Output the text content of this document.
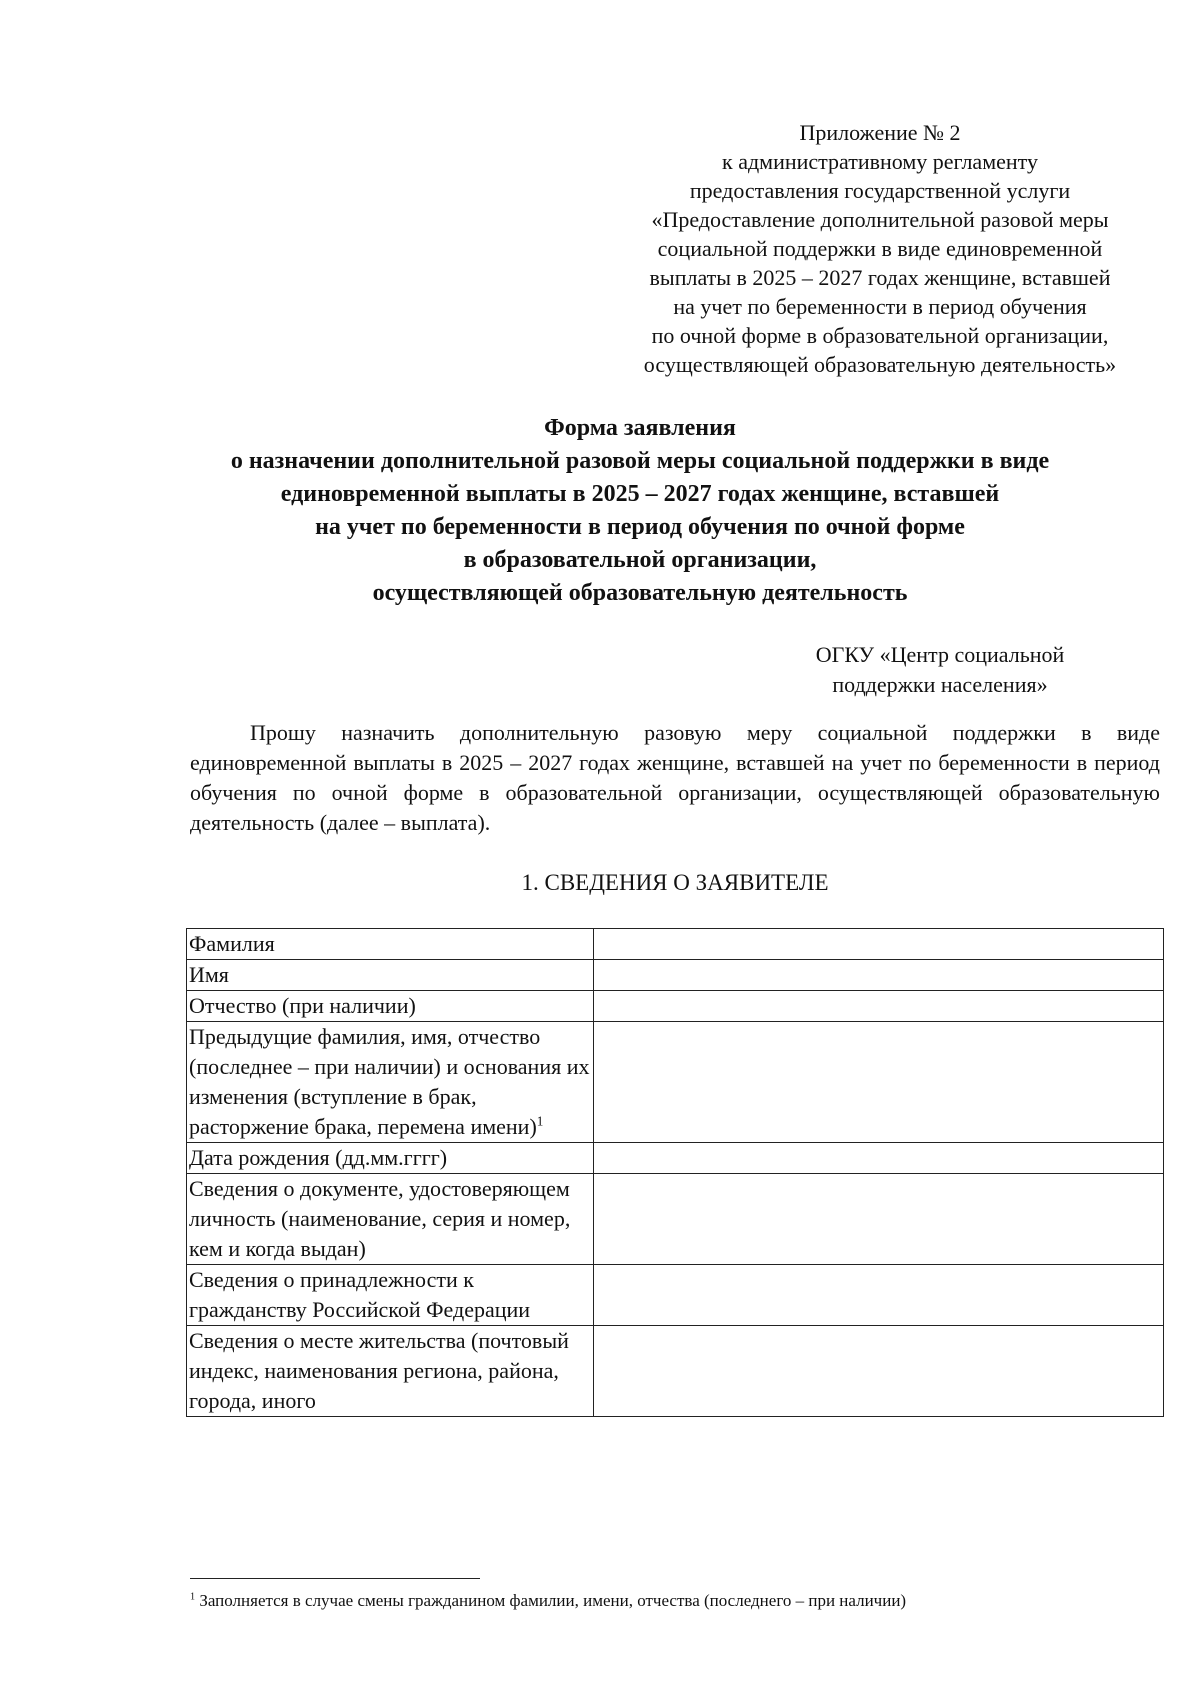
Приложение № 2
к административному регламенту
предоставления государственной услуги
«Предоставление дополнительной разовой меры
социальной поддержки в виде единовременной
выплаты в 2025 – 2027 годах женщине, вставшей
на учет по беременности в период обучения
по очной форме в образовательной организации,
осуществляющей образовательную деятельность»
Форма заявления
о назначении дополнительной разовой меры социальной поддержки в виде
единовременной выплаты в 2025 – 2027 годах женщине, вставшей
на учет по беременности в период обучения по очной форме
в образовательной организации,
осуществляющей образовательную деятельность
ОГКУ «Центр социальной
поддержки населения»

Прошу назначить дополнительную разовую меру социальной поддержки в виде единовременной выплаты в 2025 – 2027 годах женщине, вставшей на учет по беременности в период обучения по очной форме в образовательной организации, осуществляющей образовательную деятельность (далее – выплата).

1. СВЕДЕНИЯ О ЗАЯВИТЕЛЕ
Фамилия	
Имя	
Отчество (при наличии)	
Предыдущие фамилия, имя, отчество (последнее – при наличии) и основания их изменения (вступление в брак, расторжение брака, перемена имени)$^1$	
Дата рождения (дд.мм.гггг)	
Сведения о документе, удостоверяющем личность (наименование, серия и номер, кем и когда выдан)	
Сведения о принадлежности к гражданству Российской Федерации	
Сведения о месте жительства (почтовый индекс, наименования региона, района, города, иного	
$^1$ Заполняется в случае смены гражданином фамилии, имени, отчества (последнего – при наличии)
